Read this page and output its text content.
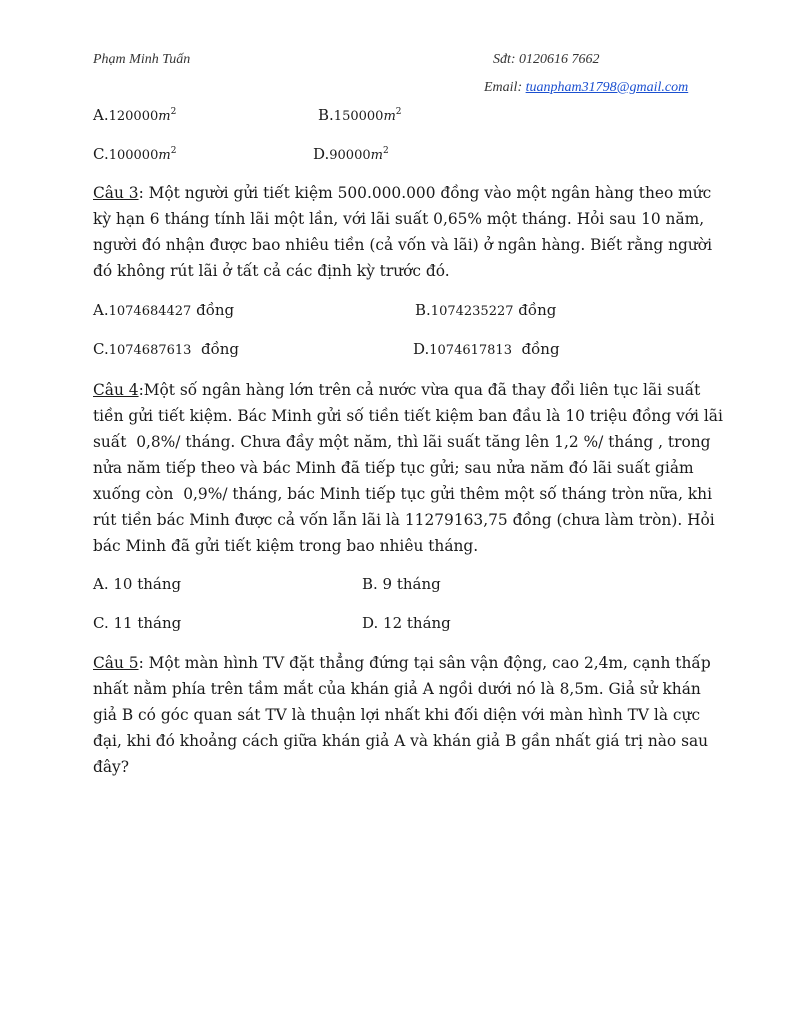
Phạm Minh Tuấn	Sđt: 0120616 7662
Email: tuanpham31798@gmail.com
$A.120000m^2$	$B.150000m^2$
$C.100000m^2$	$D.90000m^2$
Câu 3: Một người gửi tiết kiệm 500.000.000 đồng vào một ngân hàng theo mức
kỳ hạn 6 tháng tính lãi một lần, với lãi suất 0,65% một tháng. Hỏi sau 10 năm,
người đó nhận được bao nhiêu tiền (cả vốn và lãi) ở ngân hàng. Biết rằng người
đó không rút lãi ở tất cả các định kỳ trước đó.
A.1074684427 đồng	B.1074235227 đồng
C.1074687613  đồng	D.1074617813  đồng
Câu 4:Một số ngân hàng lớn trên cả nước vừa qua đã thay đổi liên tục lãi suất
tiền gửi tiết kiệm. Bác Minh gửi số tiền tiết kiệm ban đầu là 10 triệu đồng với lãi
suất  0,8%/ tháng. Chưa đầy một năm, thì lãi suất tăng lên 1,2 %/ tháng , trong
nửa năm tiếp theo và bác Minh đã tiếp tục gửi; sau nửa năm đó lãi suất giảm
xuống còn  0,9%/ tháng, bác Minh tiếp tục gửi thêm một số tháng tròn nữa, khi
rút tiền bác Minh được cả vốn lẫn lãi là 11279163,75 đồng (chưa làm tròn). Hỏi
bác Minh đã gửi tiết kiệm trong bao nhiêu tháng.
A. 10 tháng	B. 9 tháng
C. 11 tháng	D. 12 tháng
Câu 5: Một màn hình TV đặt thẳng đứng tại sân vận động, cao 2,4m, cạnh thấp
nhất nằm phía trên tầm mắt của khán giả A ngồi dưới nó là 8,5m. Giả sử khán
giả B có góc quan sát TV là thuận lợi nhất khi đối diện với màn hình TV là cực
đại, khi đó khoảng cách giữa khán giả A và khán giả B gần nhất giá trị nào sau
đây?
